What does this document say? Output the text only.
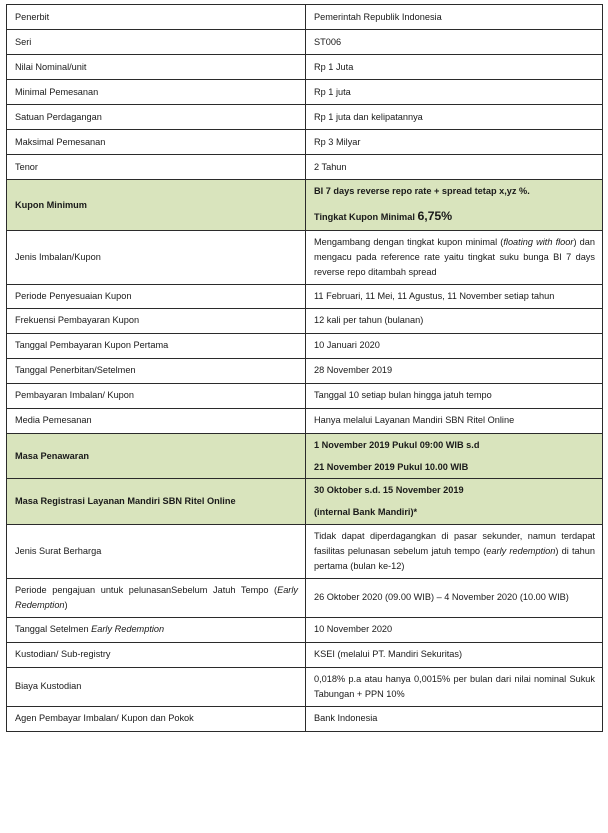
Penerbit	Pemerintah Republik Indonesia
Seri	ST006
Nilai Nominal/unit	Rp 1 Juta
Minimal Pemesanan	Rp 1 juta
Satuan Perdagangan	Rp 1 juta dan kelipatannya
Maksimal Pemesanan	Rp 3 Milyar
Tenor	2 Tahun
Kupon Minimum	BI 7 days reverse repo rate + spread tetap x,yz %.
Tingkat Kupon Minimal 6,75%

Jenis Imbalan/Kupon	Mengambang dengan tingkat kupon minimal (floating with floor) dan mengacu pada reference rate yaitu tingkat suku bunga BI 7 days reverse repo ditambah spread
Periode Penyesuaian Kupon	11 Februari, 11 Mei, 11 Agustus, 11 November setiap tahun
Frekuensi Pembayaran Kupon	12 kali per tahun (bulanan)
Tanggal Pembayaran Kupon Pertama	10 Januari 2020
Tanggal Penerbitan/Setelmen	28 November 2019
Pembayaran Imbalan/ Kupon	Tanggal 10 setiap bulan hingga jatuh tempo
Media Pemesanan	Hanya melalui Layanan Mandiri SBN Ritel Online
Masa Penawaran	1 November 2019 Pukul 09:00 WIB s.d
21 November 2019 Pukul 10.00 WIB

Masa Registrasi Layanan Mandiri SBN Ritel Online	30 Oktober s.d. 15 November 2019
(internal Bank Mandiri)*

Jenis Surat Berharga	Tidak dapat diperdagangkan di pasar sekunder, namun terdapat fasilitas pelunasan sebelum jatuh tempo (early redemption) di tahun pertama (bulan ke-12)
Periode pengajuan untuk pelunasanSebelum Jatuh Tempo (Early Redemption)	26 Oktober 2020 (09.00 WIB) – 4 November 2020 (10.00 WIB)
Tanggal Setelmen Early Redemption	10 November 2020
Kustodian/ Sub-registry	KSEI (melalui PT. Mandiri Sekuritas)
Biaya Kustodian	0,018% p.a atau hanya 0,0015% per bulan dari nilai nominal Sukuk Tabungan + PPN 10%
Agen Pembayar Imbalan/ Kupon dan Pokok	Bank Indonesia
